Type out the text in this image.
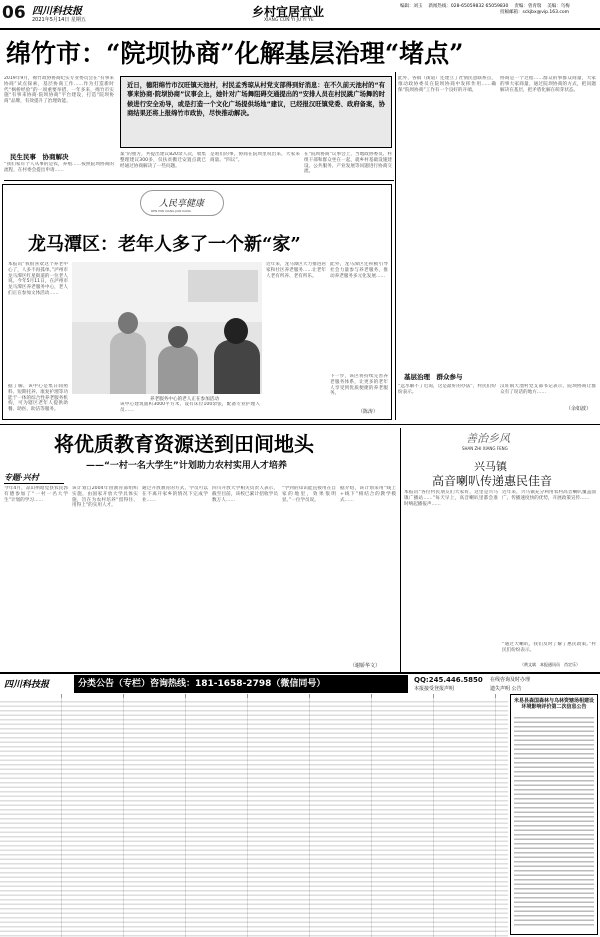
06 四川科技报
2021年5月14日 星期五
乡村宜居宜业
XIANG CUN YI JU YI YE
编辑：刘玉　 新闻热线：028-65059832 65059830　 责编：曾青瑞　 美编：乌梅
投稿邮箱：sckjbx@vip.163.com
绵竹市：“院坝协商”化解基层治理“堵点”
近日，德阳绵竹市汉旺镇天池村，村民孟秀琼从村党支部得到好消息：在不久前天池村的“有事来协商·院坝协商”议事会上，她针对广场舞阻碍交通提出的“安排人员在村民跳广场舞的时候进行安全劝导，或是打造一个文化广场提供场地”建议，已经报汉旺镇党委、政府备案，协商结果还将上报绵竹市政协，尽快推动解决。
2019年9月，绵竹政协协商纪实专业委员会在“有事来协商”试点探索，基层协商工作……作为打造新时代“枫桥经验”的一项重要举措，一年多来，绵竹市实施“有事来协商·院坝协商”平台建设，打造“院坝协商”品牌，有效提升了治理效能。
民生民事　协商解决
“我们家有个人从事的是农，养殖……按照院坝协商的流程，在村委会提出申请……
案”的重方，共提出建议820余人次，收集整理建议300多，仅扶贫搬迁安置点就已经通过协商解决了一些问题。
是咱们的事，协商在院坝里说出来，大家来商量。“四议”。
在“院坝协商”议事会上，当地政协委员、村组干部和群众坐在一起，就乡村基础设施建设、公共服务、产业发展等问题进行协商交流。
此外，各镇（街道）还建立了社情民意联系点，推动政协委员在院坝协商中发挥作用……确保“院坝协商”工作有一个良好的开端。
协商是一个过程……群众的事群众商量，大家的事大家商量，通过院坝协商的方式，把问题解决在基层，把矛盾化解在萌芽状态。
基层治理　群众参与
“远水解不了近渴，这是最好的办法”，村民们纷纷表示。
汉旺镇天池村党支部书记表示，院坝协商让群众有了说话的地方……
（余如波）
人民享健康
REN MIN XIANG JIAN KANG
龙马潭区：老年人多了一个新“家”
本报讯“我很喜欢这个养老中心了，人多不再孤单。”泸州市龙马潭区红星街道的一位老人说。今年5月11日，在泸州市龙马潭区养老服务中心，老人们正在参加文体活动……
据了解，该中心是集日间照料、短期托养、康复护理等功能于一体的综合性养老服务机构，可为辖区老年人提供助餐、助医、助洁等服务。
养老服务中心的老人正在参加活动
该中心建筑面积3000平方米，设有床位100余张，配备专业护理人员……
近年来，龙马潭区大力推进居家和社区养老服务……让老年人老有所养、老有所乐。
此外，龙马潭区还积极引导社会力量参与养老服务，推动养老服务多元化发展……
下一步，该区将持续完善养老服务体系，让更多的老年人享受到优质便捷的养老服务。
（陈涛）
将优质教育资源送到田间地头
——“一村一名大学生”计划助力农村实用人才培养
专题·兴村
今年4月，凉山州昭觉县农民郭有德参加了“一村一名大学生”计划的学习……
该计划自2004年由教育部组织实施，由国家开放大学具体实施，旨在为农村培养“留得住、用得上”的实用人才。
通过开放教育的方式，学员可以在不离开家乡的情况下完成学业……
四川开放大学相关负责人表示，截至目前，该校已累计招收学员数万人……
“学到的知识能直接用在自家的地里，效果很明显。”一位学员说。
据介绍，该计划采用“线上+线下”相结合的教学模式……
（谢娇华文）
善治乡风
SHAN ZHI XIANG FENG
兴马镇
高音喇叭传递惠民佳音
本报讯“各位村民朋友们大家好，这里是兴马镇广播站……”每天早上，高音喇叭里都会准时响起播报声……
近年来，兴马镇充分利用农村高音喇叭覆盖面广、传播速度快的优势，开展政策宣传……
“通过大喇叭，我们及时了解了惠民政策。”村民们纷纷表示。
（黄文斌　本报通讯员　肖定乐）
四川科技报	分类公告（专栏）咨询热线：181-1658-2798（微信同号）	QQ:245.446.5850 在线咨询及时办理
本报接受登报声明	遗失声明 公告
米易县森国森林与乌林资辖场相建设
环境影响评价第二次信息公告
